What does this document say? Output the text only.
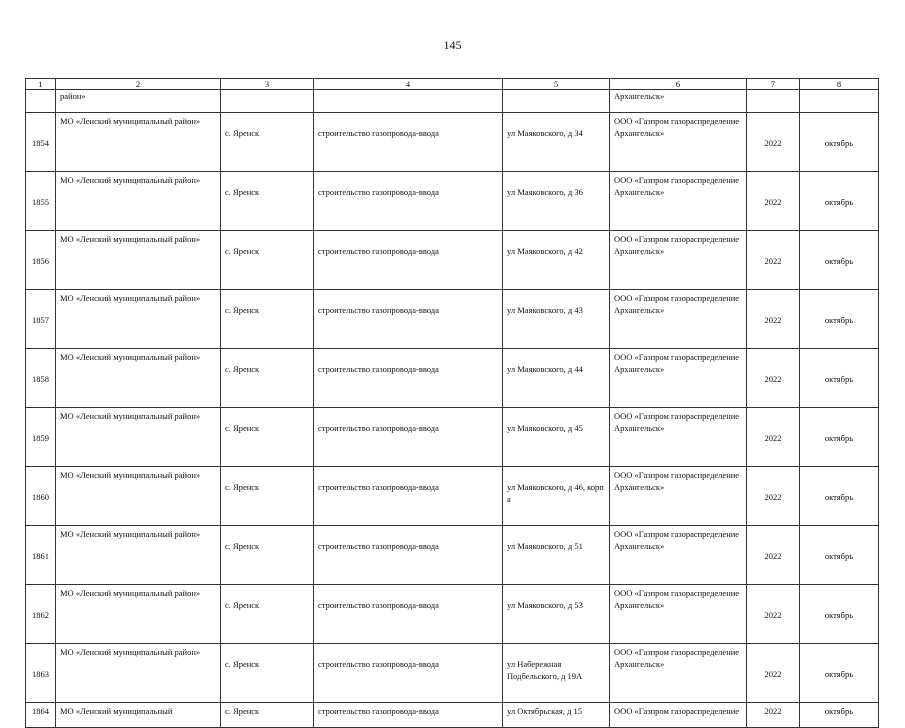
145
1	2	3	4	5	6	7	8
	район»				Архангельск»		
1854	МО «Ленский муниципальный район»	с. Яренск	строительство газопровода-ввода	ул Маяковского, д 34	ООО «Газпром газораспределение Архангельск»	2022	октябрь
1855	МО «Ленский муниципальный район»	с. Яренск	строительство газопровода-ввода	ул Маяковского, д 36	ООО «Газпром газораспределение Архангельск»	2022	октябрь
1856	МО «Ленский муниципальный район»	с. Яренск	строительство газопровода-ввода	ул Маяковского, д 42	ООО «Газпром газораспределение Архангельск»	2022	октябрь
1857	МО «Ленский муниципальный район»	с. Яренск	строительство газопровода-ввода	ул Маяковского, д 43	ООО «Газпром газораспределение Архангельск»	2022	октябрь
1858	МО «Ленский муниципальный район»	с. Яренск	строительство газопровода-ввода	ул Маяковского, д 44	ООО «Газпром газораспределение Архангельск»	2022	октябрь
1859	МО «Ленский муниципальный район»	с. Яренск	строительство газопровода-ввода	ул Маяковского, д 45	ООО «Газпром газораспределение Архангельск»	2022	октябрь
1860	МО «Ленский муниципальный район»	с. Яренск	строительство газопровода-ввода	ул Маяковского, д 46, корп а	ООО «Газпром газораспределение Архангельск»	2022	октябрь
1861	МО «Ленский муниципальный район»	с. Яренск	строительство газопровода-ввода	ул Маяковского, д 51	ООО «Газпром газораспределение Архангельск»	2022	октябрь
1862	МО «Ленский муниципальный район»	с. Яренск	строительство газопровода-ввода	ул Маяковского, д 53	ООО «Газпром газораспределение Архангельск»	2022	октябрь
1863	МО «Ленский муниципальный район»	с. Яренск	строительство газопровода-ввода	ул Набережная Подбельского, д 19А	ООО «Газпром газораспределение Архангельск»	2022	октябрь
1864	МО «Ленский муниципальный	с. Яренск	строительство газопровода-ввода	ул Октябрьская, д 15	ООО «Газпром газораспределение	2022	октябрь
